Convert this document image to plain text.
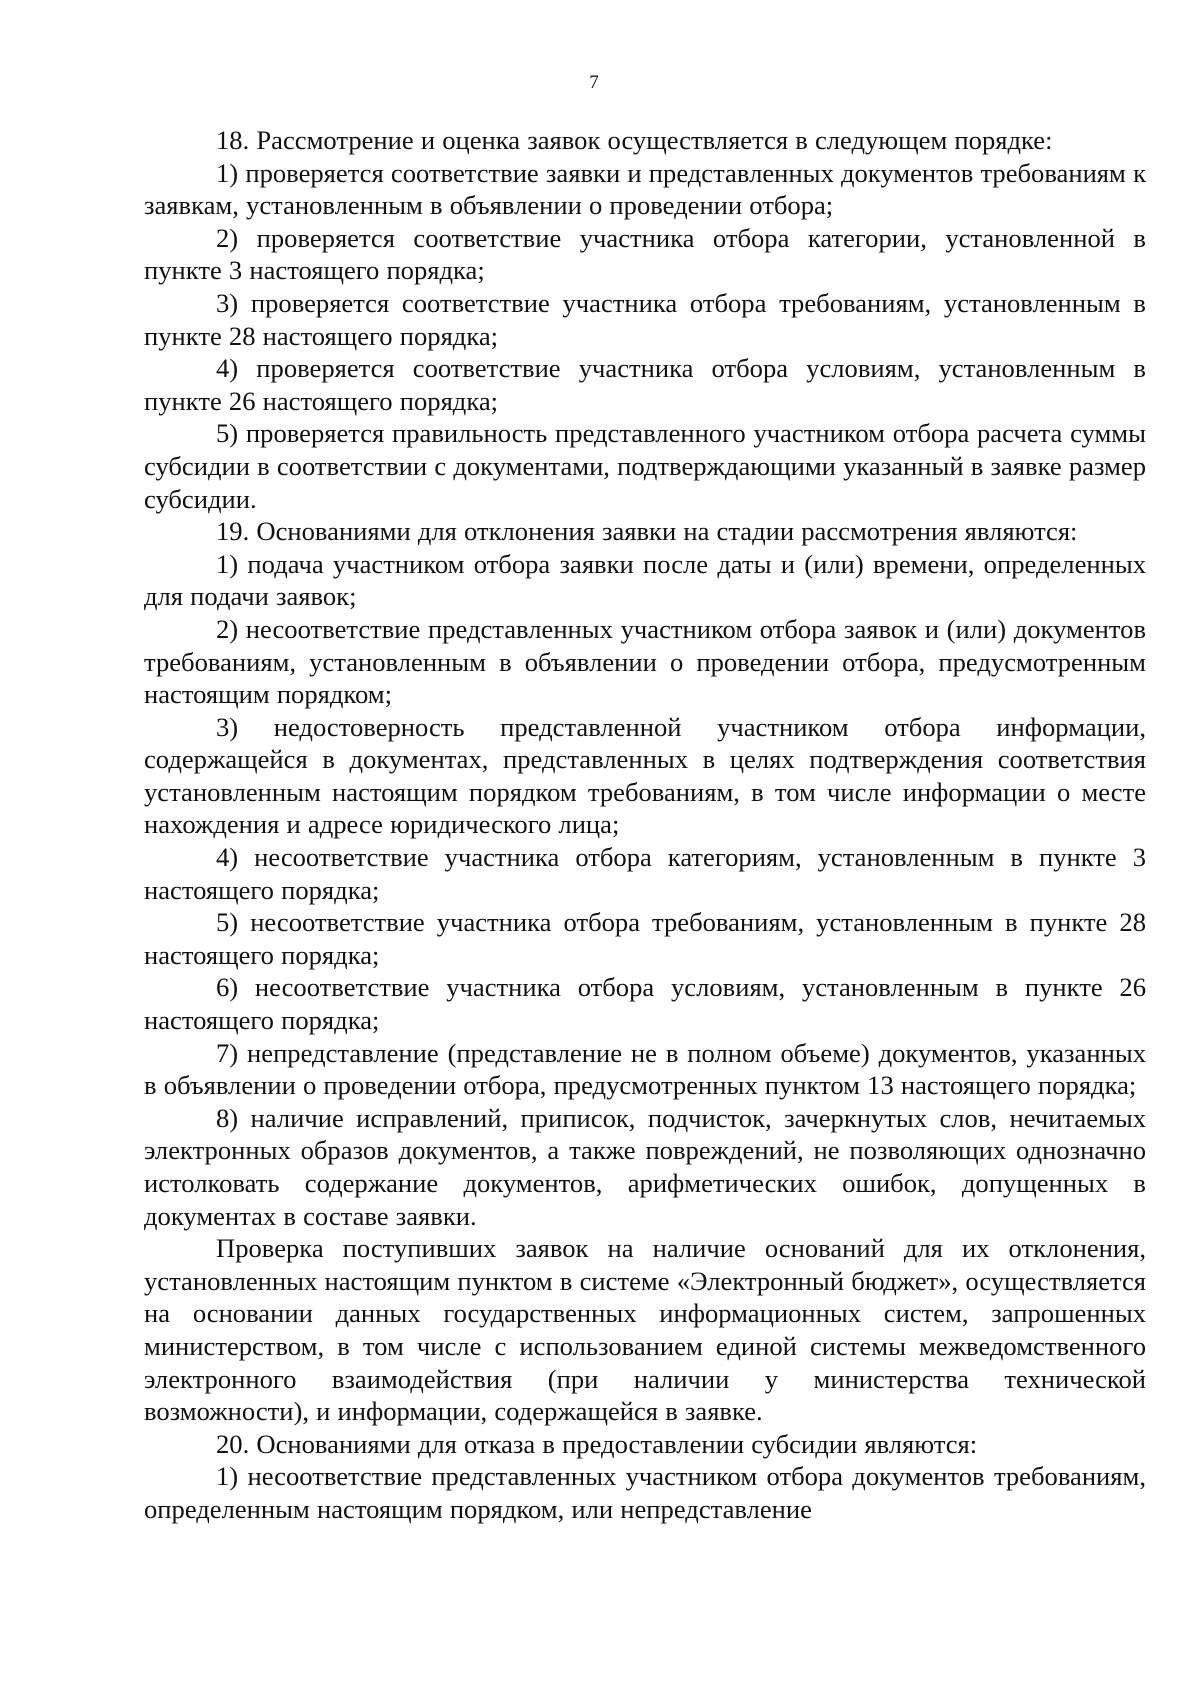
7

18. Рассмотрение и оценка заявок осуществляется в следующем порядке:

1) проверяется соответствие заявки и представленных документов требованиям к заявкам, установленным в объявлении о проведении отбора;

2) проверяется соответствие участника отбора категории, установленной в пункте 3 настоящего порядка;

3) проверяется соответствие участника отбора требованиям, установленным в пункте 28 настоящего порядка;

4) проверяется соответствие участника отбора условиям, установленным в пункте 26 настоящего порядка;

5) проверяется правильность представленного участником отбора расчета суммы субсидии в соответствии с документами, подтверждающими указанный в заявке размер субсидии.

19. Основаниями для отклонения заявки на стадии рассмотрения являются:

1) подача участником отбора заявки после даты и (или) времени, определенных для подачи заявок;

2) несоответствие представленных участником отбора заявок и (или) документов требованиям, установленным в объявлении о проведении отбора, предусмотренным настоящим порядком;

3) недостоверность представленной участником отбора информации, содержащейся в документах, представленных в целях подтверждения соответствия установленным настоящим порядком требованиям, в том числе информации о месте нахождения и адресе юридического лица;

4) несоответствие участника отбора категориям, установленным в пункте 3 настоящего порядка;

5) несоответствие участника отбора требованиям, установленным в пункте 28 настоящего порядка;

6) несоответствие участника отбора условиям, установленным в пункте 26 настоящего порядка;

7) непредставление (представление не в полном объеме) документов, указанных в объявлении о проведении отбора, предусмотренных пунктом 13 настоящего порядка;

8) наличие исправлений, приписок, подчисток, зачеркнутых слов, нечитаемых электронных образов документов, а также повреждений, не позволяющих однозначно истолковать содержание документов, арифметических ошибок, допущенных в документах в составе заявки.

Проверка поступивших заявок на наличие оснований для их отклонения, установленных настоящим пунктом в системе «Электронный бюджет», осуществляется на основании данных государственных информационных систем, запрошенных министерством, в том числе с использованием единой системы межведомственного электронного взаимодействия (при наличии у министерства технической возможности), и информации, содержащейся в заявке.

20. Основаниями для отказа в предоставлении субсидии являются:

1) несоответствие представленных участником отбора документов требованиям, определенным настоящим порядком, или непредставление
